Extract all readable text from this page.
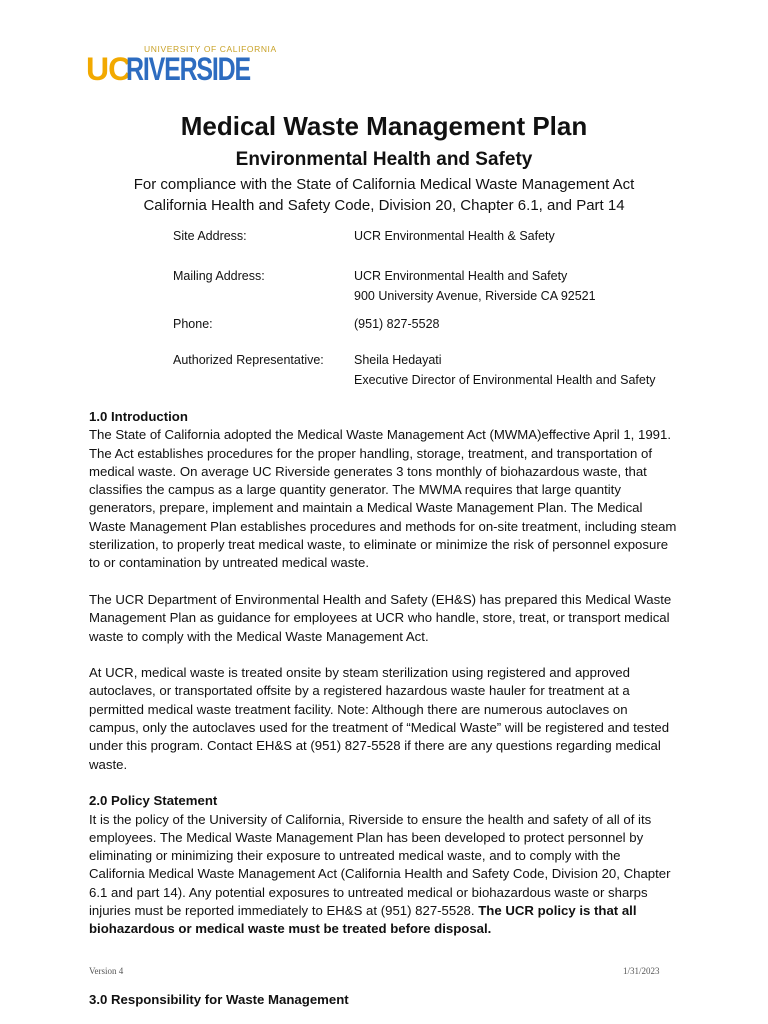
UNIVERSITY OF CALIFORNIA
UC
RIVERSIDE
Medical Waste Management Plan
Environmental Health and Safety
For compliance with the State of California Medical Waste Management Act
California Health and Safety Code, Division 20, Chapter 6.1, and Part 14
Site Address:	UCR Environmental Health & Safety
Mailing Address:	UCR Environmental Health and Safety
900 University Avenue, Riverside CA 92521
Phone:	(951) 827-5528
Authorized Representative: Sheila Hedayati
Executive Director of Environmental Health and Safety
1.0 Introduction

The State of California adopted the Medical Waste Management Act (MWMA)effective April 1, 1991. The Act establishes procedures for the proper handling, storage, treatment, and transportation of medical waste. On average UC Riverside generates 3 tons monthly of biohazardous waste, that classifies the campus as a large quantity generator. The MWMA requires that large quantity generators, prepare, implement and maintain a Medical Waste Management Plan. The Medical Waste Management Plan establishes procedures and methods for on-site treatment, including steam sterilization, to properly treat medical waste, to eliminate or minimize the risk of personnel exposure to or contamination by untreated medical waste.

The UCR Department of Environmental Health and Safety (EH&S) has prepared this Medical Waste Management Plan as guidance for employees at UCR who handle, store, treat, or transport medical waste to comply with the Medical Waste Management Act.

At UCR, medical waste is treated onsite by steam sterilization using registered and approved autoclaves, or transportated offsite by a registered hazardous waste hauler for treatment at a permitted medical waste treatment facility. Note: Although there are numerous autoclaves on campus, only the autoclaves used for the treatment of “Medical Waste” will be registered and tested under this program. Contact EH&S at (951) 827-5528 if there are any questions regarding medical waste.

2.0 Policy Statement

It is the policy of the University of California, Riverside to ensure the health and safety of all of its employees. The Medical Waste Management Plan has been developed to protect personnel by eliminating or minimizing their exposure to untreated medical waste, and to comply with the California Medical Waste Management Act (California Health and Safety Code, Division 20, Chapter 6.1 and part 14). Any potential exposures to untreated medical or biohazardous waste or sharps injuries must be reported immediately to EH&S at (951) 827-5528. The UCR policy is that all biohazardous or medical waste must be treated before disposal.

Version 4	1/31/2023
3.0 Responsibility for Waste Management
